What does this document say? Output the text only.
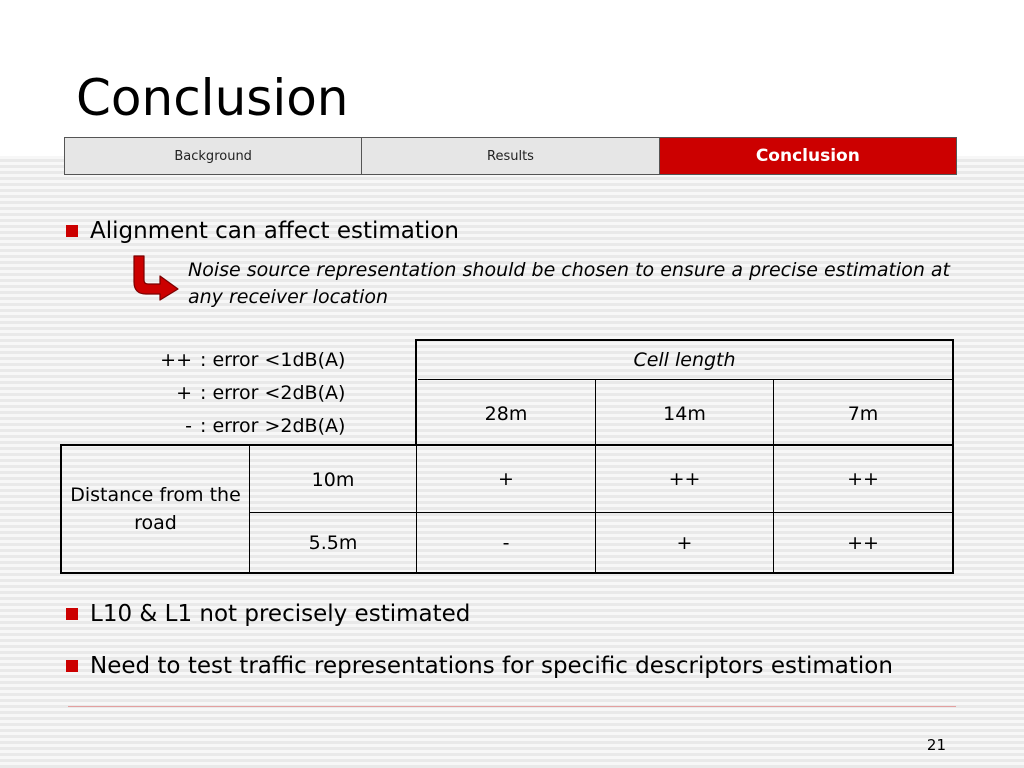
Conclusion
Background	Results	Conclusion
Alignment can affect estimation
Noise source representation should be chosen to ensure a precise estimation at any receiver location
++ : error <1dB(A)
+ : error <2dB(A)
- : error >2dB(A)
Cell length
28m	14m	7m
Distance from the road
10m	+	++	++
5.5m	-	+	++
L10 & L1 not precisely estimated
Need to test traffic representations for specific descriptors estimation
21
